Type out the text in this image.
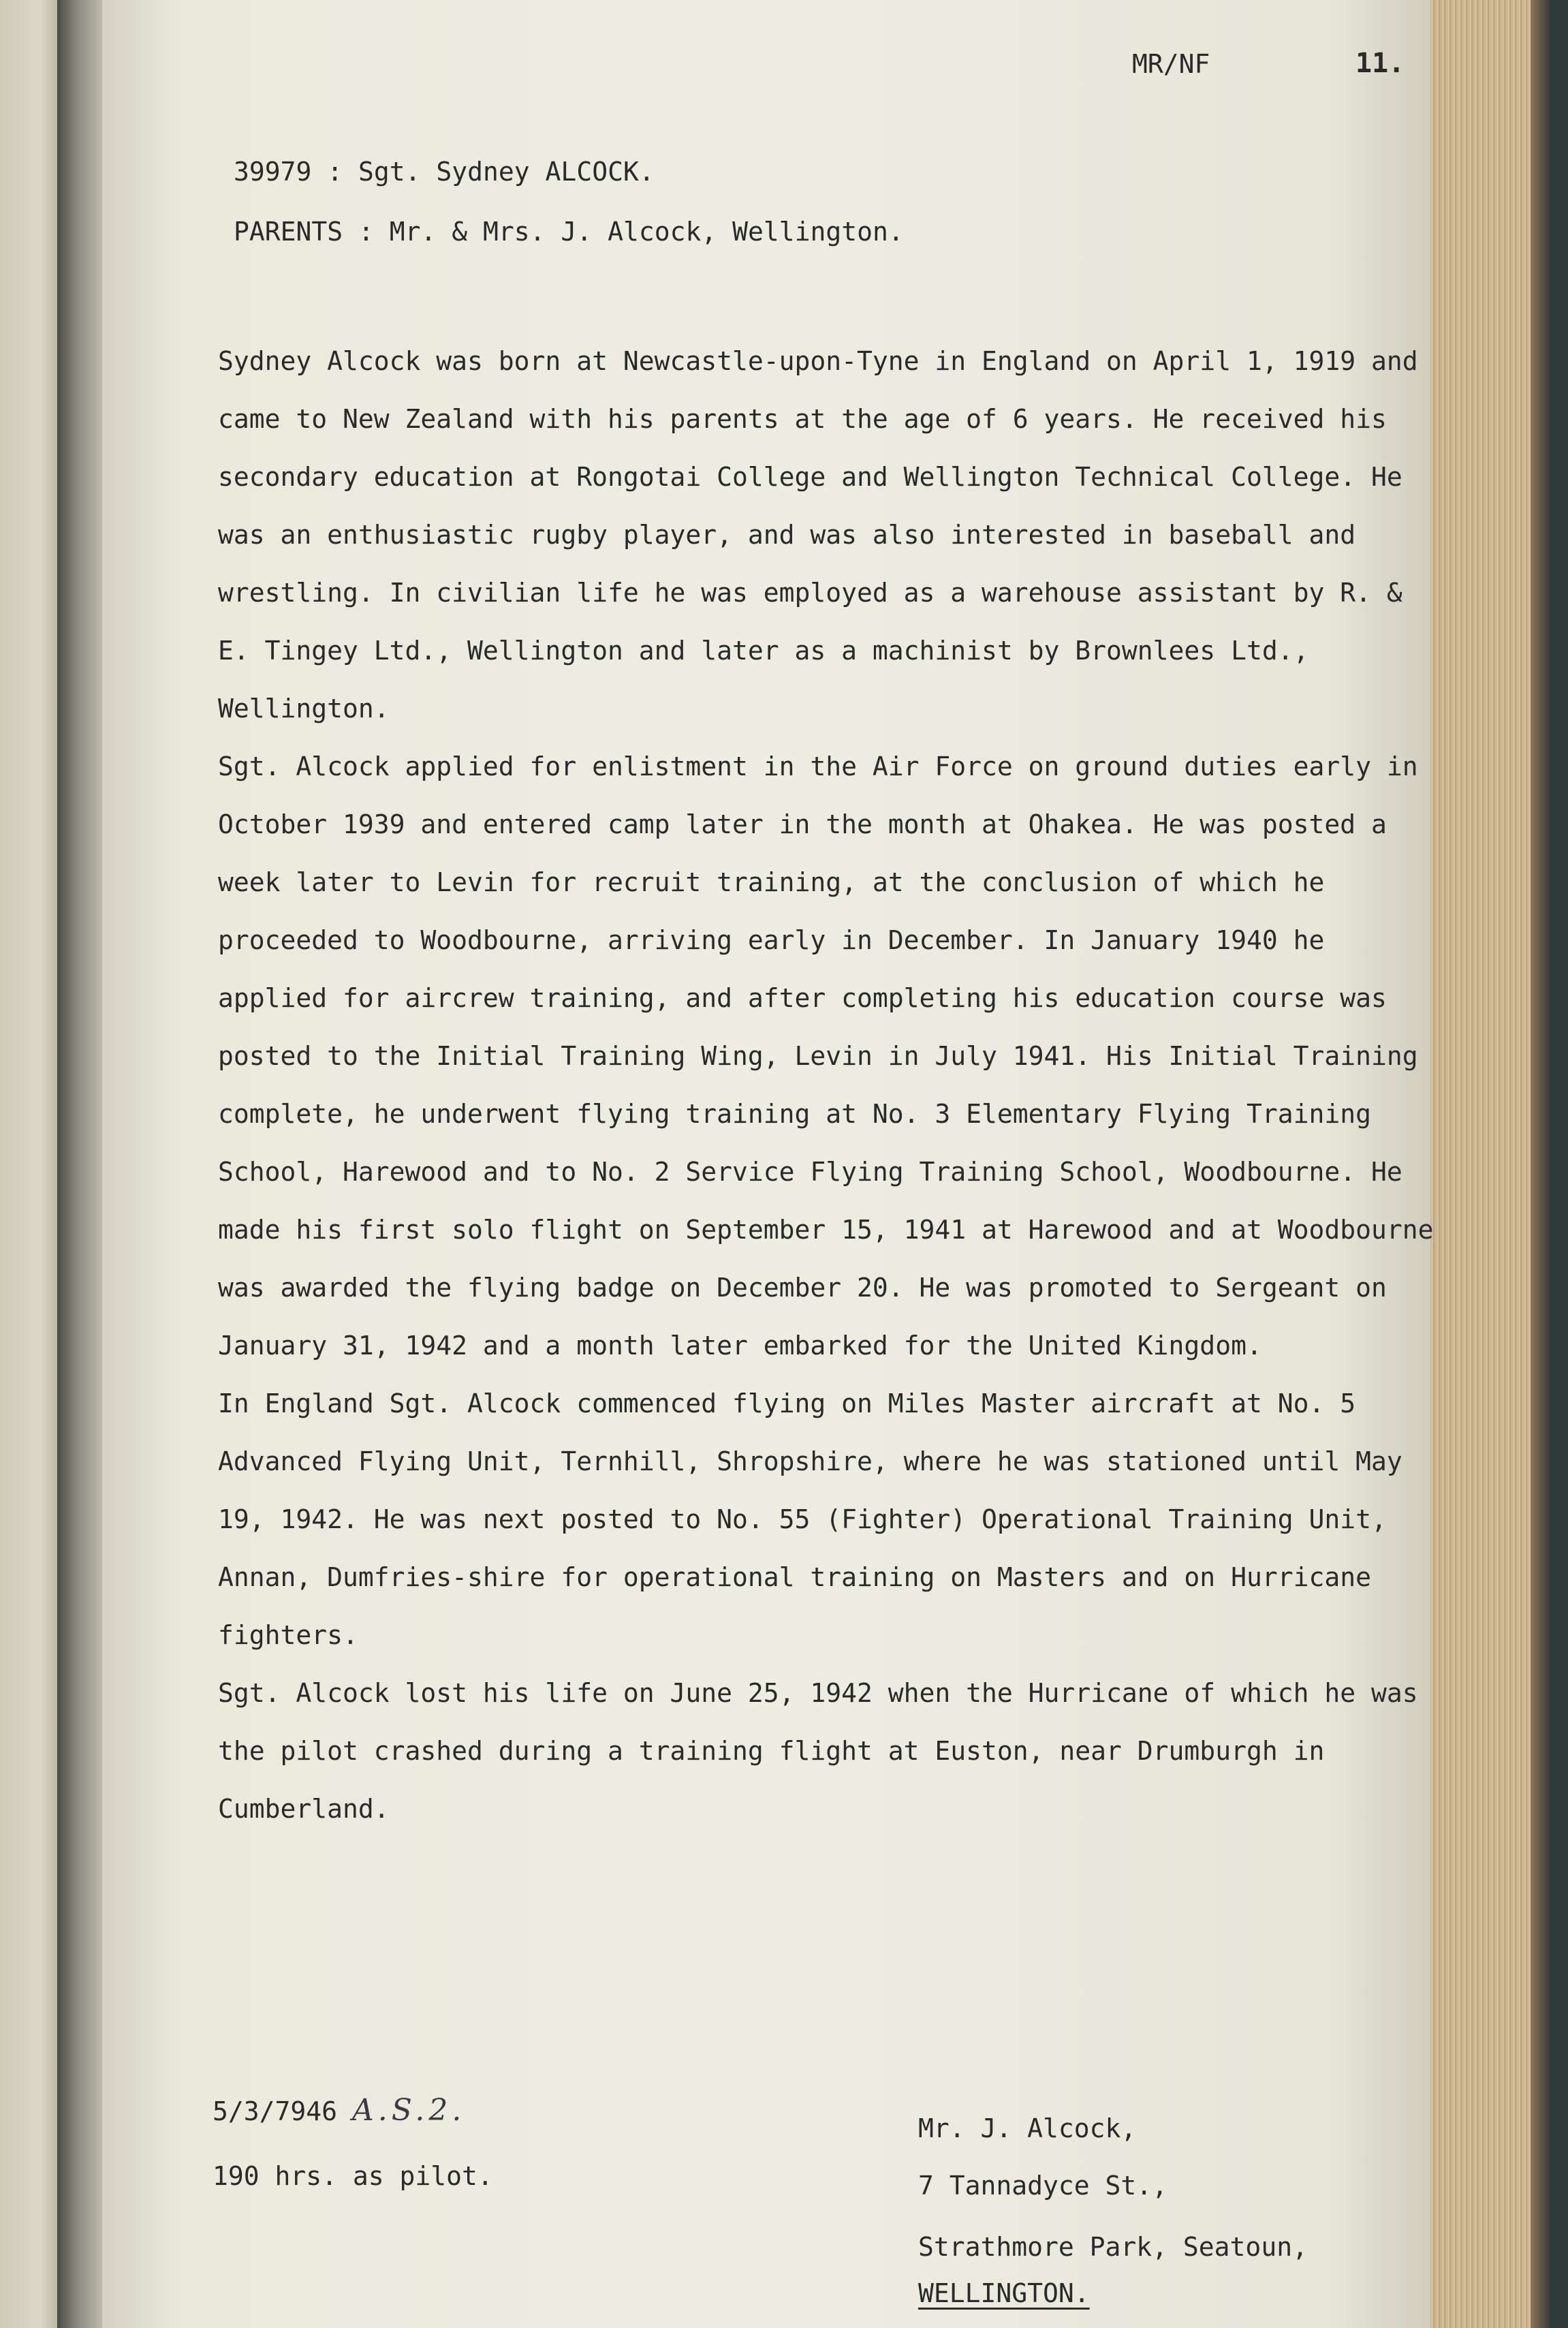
MR/NF	11.
39979 : Sgt. Sydney ALCOCK.
PARENTS : Mr. & Mrs. J. Alcock, Wellington.

Sydney Alcock was born at Newcastle-upon-Tyne in England on April 1, 1919 and came to New Zealand with his parents at the age of 6 years. He received his secondary education at Rongotai College and Wellington Technical College. He was an enthusiastic rugby player, and was also interested in baseball and wrestling. In civilian life he was employed as a warehouse assistant by R. & E. Tingey Ltd., Wellington and later as a machinist by Brownlees Ltd., Wellington.

Sgt. Alcock applied for enlistment in the Air Force on ground duties early in October 1939 and entered camp later in the month at Ohakea. He was posted a week later to Levin for recruit training, at the conclusion of which he proceeded to Woodbourne, arriving early in December. In January 1940 he applied for aircrew training, and after completing his education course was posted to the Initial Training Wing, Levin in July 1941. His Initial Training complete, he underwent flying training at No. 3 Elementary Flying Training School, Harewood and to No. 2 Service Flying Training School, Woodbourne. He made his first solo flight on September 15, 1941 at Harewood and at Woodbourne was awarded the flying badge on December 20. He was promoted to Sergeant on January 31, 1942 and a month later embarked for the United Kingdom.

In England Sgt. Alcock commenced flying on Miles Master aircraft at No. 5 Advanced Flying Unit, Ternhill, Shropshire, where he was stationed until May 19, 1942. He was next posted to No. 55 (Fighter) Operational Training Unit, Annan, Dumfries-shire for operational training on Masters and on Hurricane fighters.

Sgt. Alcock lost his life on June 25, 1942 when the Hurricane of which he was the pilot crashed during a training flight at Euston, near Drumburgh in Cumberland.

5/3/7946 A.S.2.
190 hrs. as pilot.
Mr. J. Alcock,
7 Tannadyce St.,
Strathmore Park, Seatoun,
WELLINGTON.
